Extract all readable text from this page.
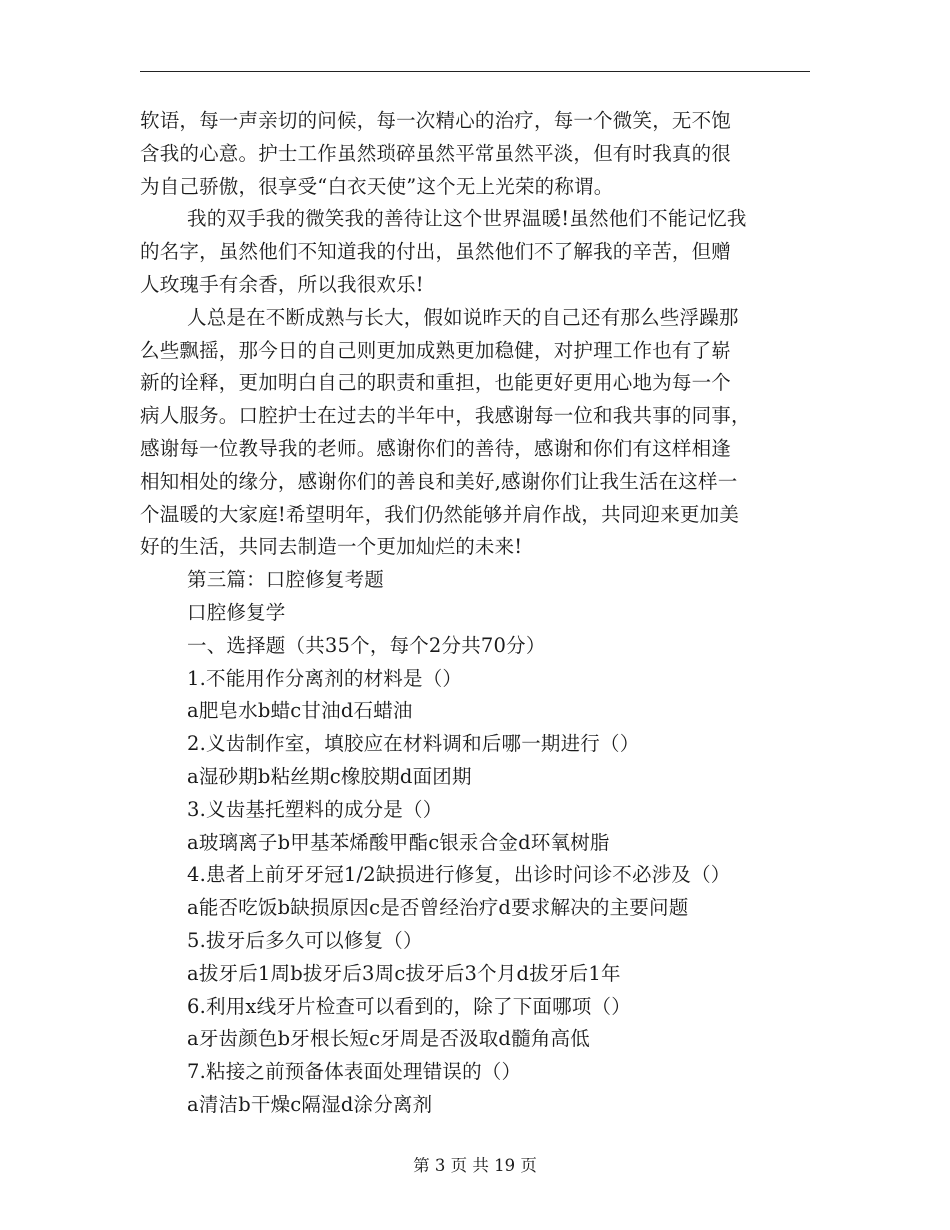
软语，每一声亲切的问候，每一次精心的治疗，每一个微笑，无不饱
含我的心意。护士工作虽然琐碎虽然平常虽然平淡，但有时我真的很
为自己骄傲，很享受“白衣天使”这个无上光荣的称谓。
我的双手我的微笑我的善待让这个世界温暖!虽然他们不能记忆我
的名字，虽然他们不知道我的付出，虽然他们不了解我的辛苦，但赠
人玫瑰手有余香，所以我很欢乐!
人总是在不断成熟与长大，假如说昨天的自己还有那么些浮躁那
么些飘摇，那今日的自己则更加成熟更加稳健，对护理工作也有了崭
新的诠释，更加明白自己的职责和重担，也能更好更用心地为每一个
病人服务。口腔护士在过去的半年中，我感谢每一位和我共事的同事，
感谢每一位教导我的老师。感谢你们的善待，感谢和你们有这样相逢
相知相处的缘分，感谢你们的善良和美好,感谢你们让我生活在这样一
个温暖的大家庭!希望明年，我们仍然能够并肩作战，共同迎来更加美
好的生活，共同去制造一个更加灿烂的未来!
第三篇：口腔修复考题
口腔修复学
一、选择题（共35个，每个2分共70分）
1.不能用作分离剂的材料是（）
a肥皂水b蜡c甘油d石蜡油
2.义齿制作室，填胶应在材料调和后哪一期进行（）
a湿砂期b粘丝期c橡胶期d面团期
3.义齿基托塑料的成分是（）
a玻璃离子b甲基苯烯酸甲酯c银汞合金d环氧树脂
4.患者上前牙牙冠1/2缺损进行修复，出诊时问诊不必涉及（）
a能否吃饭b缺损原因c是否曾经治疗d要求解决的主要问题
5.拔牙后多久可以修复（）
a拔牙后1周b拔牙后3周c拔牙后3个月d拔牙后1年
6.利用x线牙片检查可以看到的，除了下面哪项（）
a牙齿颜色b牙根长短c牙周是否汲取d髓角高低
7.粘接之前预备体表面处理错误的（）
a清洁b干燥c隔湿d涂分离剂
第 3 页 共 19 页
